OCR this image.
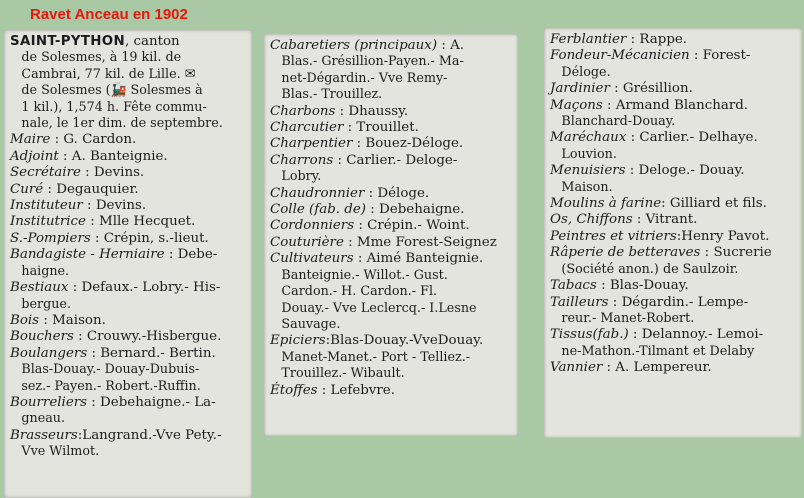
Ravet Anceau en 1902

SAINT-PYTHON, canton

de Solesmes, à 19 kil. de

Cambrai, 77 kil. de Lille. ✉

de Solesmes (🚂 Solesmes à

1 kil.), 1,574 h. Fête commu-

nale, le 1er dim. de septembre.

Maire : G. Cardon.

Adjoint : A. Banteignie.

Secrétaire : Devins.

Curé : Degauquier.

Instituteur : Devins.

Institutrice : Mlle Hecquet.

S.-Pompiers : Crépin, s.-lieut.

Bandagiste - Herniaire : Debe-

haigne.

Bestiaux : Defaux.- Lobry.- His-

bergue.

Bois : Maison.

Bouchers : Crouwy.-Hisbergue.

Boulangers : Bernard.- Bertin.

Blas-Douay.- Douay-Dubuis-

sez.- Payen.- Robert.-Ruffin.

Bourreliers : Debehaigne.- La-

gneau.

Brasseurs:Langrand.-Vve Pety.-

Vve Wilmot.

Cabaretiers (principaux) : A.

Blas.- Grésillion-Payen.- Ma-

net-Dégardin.- Vve Remy-

Blas.- Trouillez.

Charbons : Dhaussy.

Charcutier : Trouillet.

Charpentier : Bouez-Déloge.

Charrons : Carlier.- Deloge-

Lobry.

Chaudronnier : Déloge.

Colle (fab. de) : Debehaigne.

Cordonniers : Crépin.- Woint.

Couturière : Mme Forest-Seignez

Cultivateurs : Aimé Banteignie.

Banteignie.- Willot.- Gust.

Cardon.- H. Cardon.- Fl.

Douay.- Vve Leclercq.- I.Lesne

Sauvage.

Epiciers:Blas-Douay.-VveDouay.

Manet-Manet.- Port - Telliez.-

Trouillez.- Wibault.

Étoffes : Lefebvre.

Ferblantier : Rappe.

Fondeur-Mécanicien : Forest-

Déloge.

Jardinier : Grésillion.

Maçons : Armand Blanchard.

Blanchard-Douay.

Maréchaux : Carlier.- Delhaye.

Louvion.

Menuisiers : Deloge.- Douay.

Maison.

Moulins à farine: Gilliard et fils.

Os, Chiffons : Vitrant.

Peintres et vitriers:Henry Pavot.

Râperie de betteraves : Sucrerie

(Société anon.) de Saulzoir.

Tabacs : Blas-Douay.

Tailleurs : Dégardin.- Lempe-

reur.- Manet-Robert.

Tissus(fab.) : Delannoy.- Lemoi-

ne-Mathon.-Tilmant et Delaby

Vannier : A. Lempereur.
